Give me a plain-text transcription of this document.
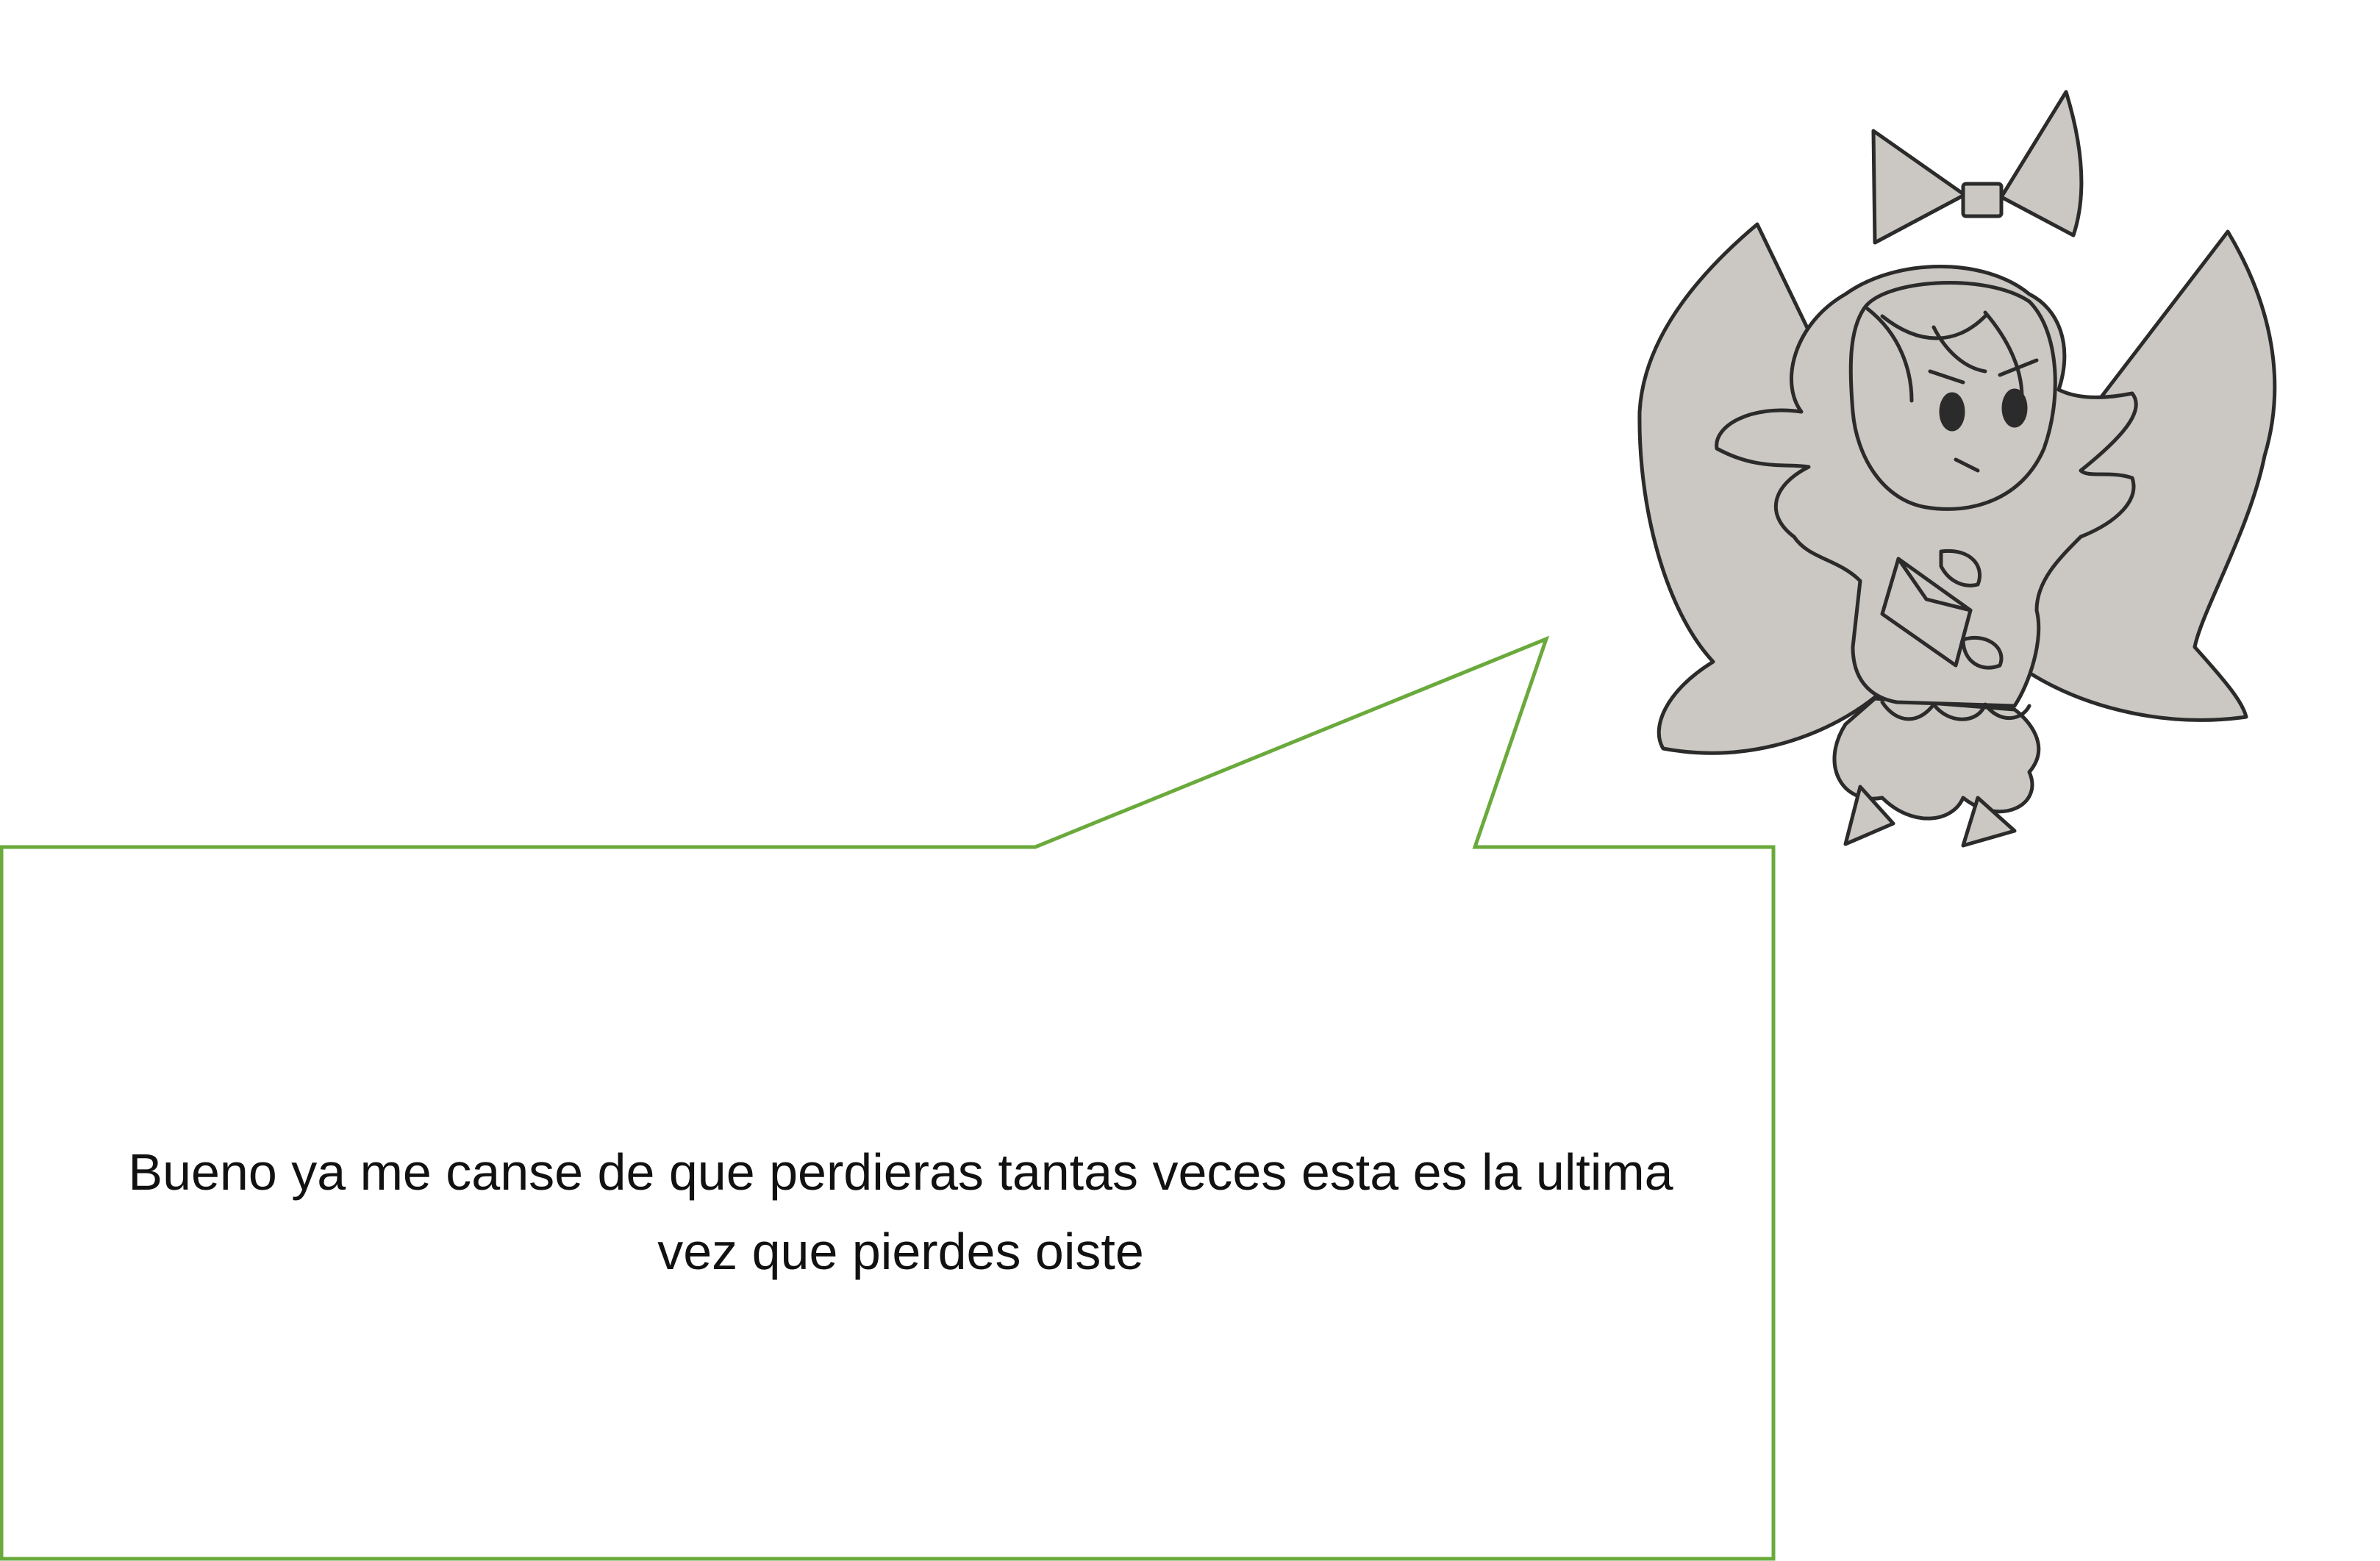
Bueno ya me canse de que perdieras tantas veces esta es la ultima
vez que pierdes oiste
